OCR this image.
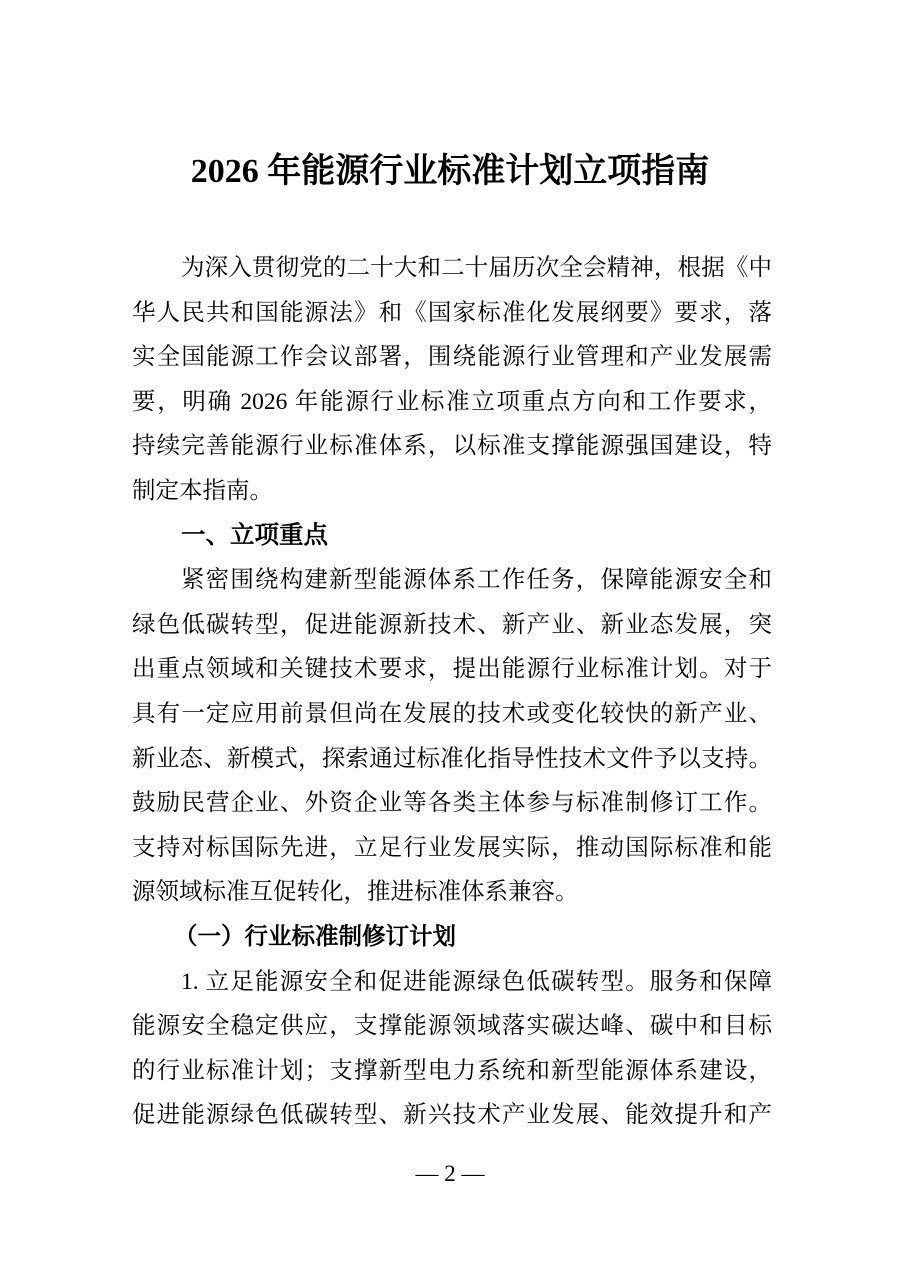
2026 年能源行业标准计划立项指南
为深入贯彻党的二十大和二十届历次全会精神，根据《中
华人民共和国能源法》和《国家标准化发展纲要》要求，落
实全国能源工作会议部署，围绕能源行业管理和产业发展需
要，明确 2026 年能源行业标准立项重点方向和工作要求，
持续完善能源行业标准体系，以标准支撑能源强国建设，特
制定本指南。
一、立项重点
紧密围绕构建新型能源体系工作任务，保障能源安全和
绿色低碳转型，促进能源新技术、新产业、新业态发展，突
出重点领域和关键技术要求，提出能源行业标准计划。对于
具有一定应用前景但尚在发展的技术或变化较快的新产业、
新业态、新模式，探索通过标准化指导性技术文件予以支持。
鼓励民营企业、外资企业等各类主体参与标准制修订工作。
支持对标国际先进，立足行业发展实际，推动国际标准和能
源领域标准互促转化，推进标准体系兼容。
（一）行业标准制修订计划
1. 立足能源安全和促进能源绿色低碳转型。服务和保障
能源安全稳定供应，支撑能源领域落实碳达峰、碳中和目标
的行业标准计划；支撑新型电力系统和新型能源体系建设，
促进能源绿色低碳转型、新兴技术产业发展、能效提升和产
— 2 —
